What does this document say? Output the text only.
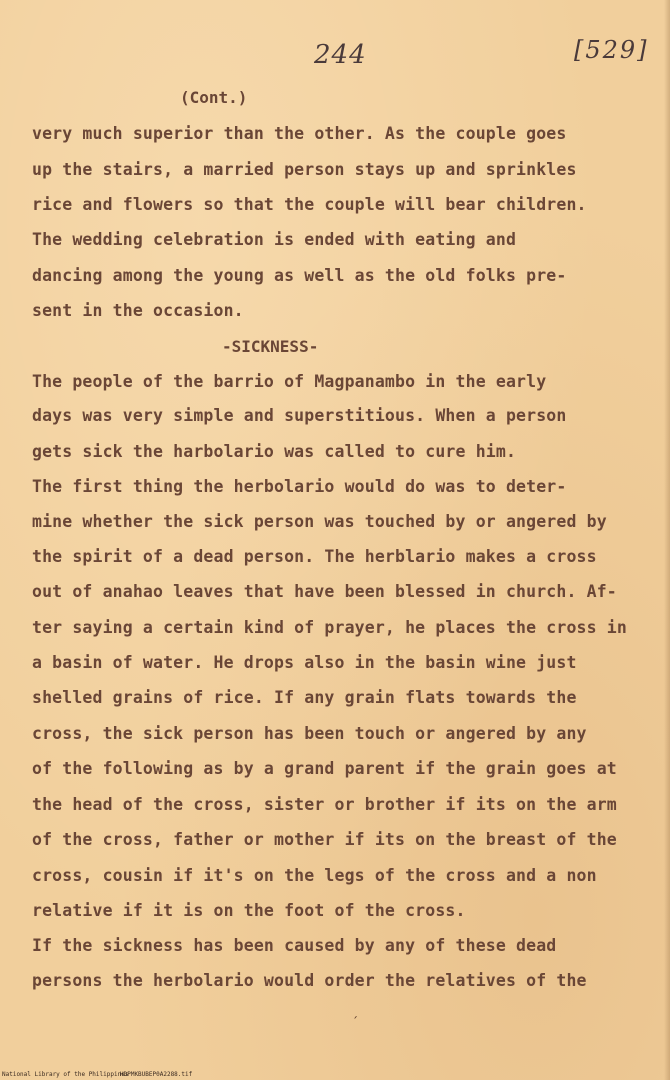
244	[529]
(Cont.)
very much superior than the other. As the couple goes
up the stairs, a married person stays up and sprinkles
rice and flowers so that the couple will bear children.
The wedding celebration is ended with eating and
dancing among the young as well as the old folks pre-
sent in the occasion.
-SICKNESS-
The people of the barrio of Magpanambo in the early
days was very simple and superstitious. When a person
gets sick the harbolario was called to cure him.
The first thing the herbolario would do was to deter-
mine whether the sick person was touched by or angered by
the spirit of a dead person. The herblario makes a cross
out of anahao leaves that have been blessed in church. Af-
ter saying a certain kind of prayer, he places the cross in
a basin of water. He drops also in the basin wine just
shelled grains of rice. If any grain flats towards the
cross, the sick person has been touch or angered by any
of the following as by a grand parent if the grain goes at
the head of the cross, sister or brother if its on the arm
of the cross, father or mother if its on the breast of the
cross, cousin if it's on the legs of the cross and a non
relative if it is on the foot of the cross.
If the sickness has been caused by any of these dead
persons the herbolario would order the relatives of the
ˏ
National Library of the Philippines
HDPMKBUBEP0A2288.tif
